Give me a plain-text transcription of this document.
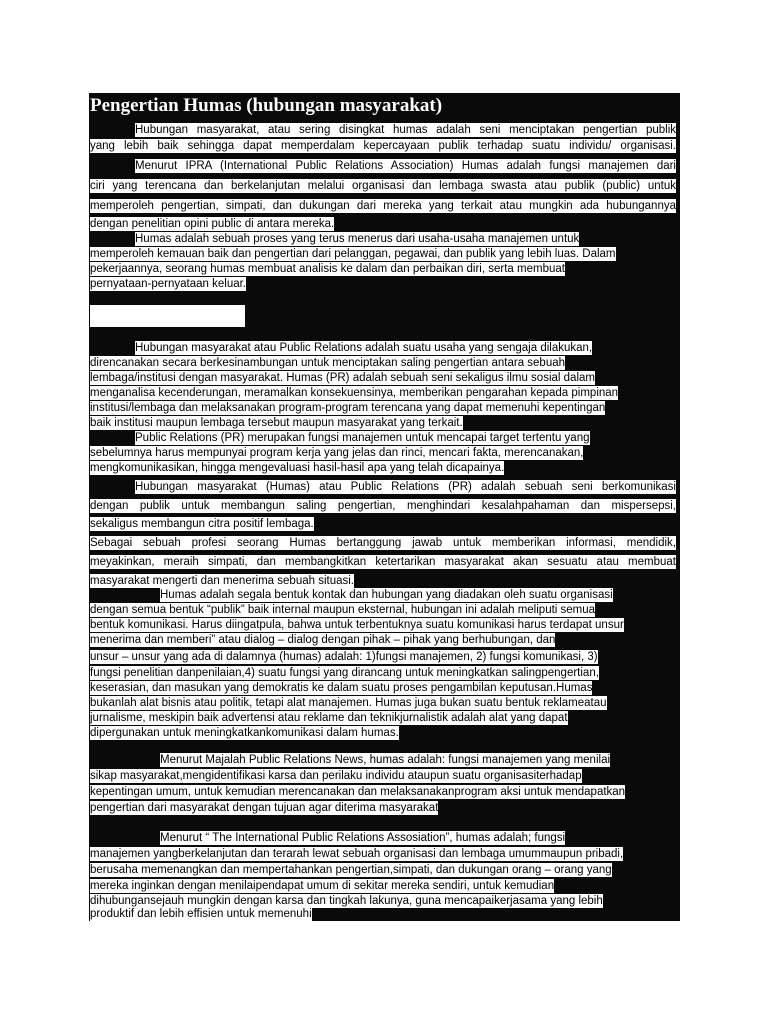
Pengertian Humas (hubungan masyarakat)
Hubungan masyarakat, atau sering disingkat humas adalah seni menciptakan pengertian publik
yang lebih baik sehingga dapat memperdalam kepercayaan publik terhadap suatu individu/ organisasi.
Menurut IPRA (International Public Relations Association) Humas adalah fungsi manajemen dari
ciri yang terencana dan berkelanjutan melalui organisasi dan lembaga swasta atau publik (public) untuk
memperoleh pengertian, simpati, dan dukungan dari mereka yang terkait atau mungkin ada hubungannya
dengan penelitian opini public di antara mereka.
Humas adalah sebuah proses yang terus menerus dari usaha-usaha manajemen untuk
memperoleh kemauan baik dan pengertian dari pelanggan, pegawai, dan publik yang lebih luas. Dalam
pekerjaannya, seorang humas membuat analisis ke dalam dan perbaikan diri, serta membuat
pernyataan-pernyataan keluar.
Hubungan masyarakat atau Public Relations adalah suatu usaha yang sengaja dilakukan,
direncanakan secara berkesinambungan untuk menciptakan saling pengertian antara sebuah
lembaga/institusi dengan masyarakat. Humas (PR) adalah sebuah seni sekaligus ilmu sosial dalam
menganalisa kecenderungan, meramalkan konsekuensinya, memberikan pengarahan kepada pimpinan
institusi/lembaga dan melaksanakan program-program terencana yang dapat memenuhi kepentingan
baik institusi maupun lembaga tersebut maupun masyarakat yang terkait.
Public Relations (PR) merupakan fungsi manajemen untuk mencapai target tertentu yang
sebelumnya harus mempunyai program kerja yang jelas dan rinci, mencari fakta, merencanakan,
mengkomunikasikan, hingga mengevaluasi hasil-hasil apa yang telah dicapainya.
Hubungan masyarakat (Humas) atau Public Relations (PR) adalah sebuah seni berkomunikasi
dengan publik untuk membangun saling pengertian, menghindari kesalahpahaman dan mispersepsi,
sekaligus membangun citra positif lembaga.
Sebagai sebuah profesi seorang Humas bertanggung jawab untuk memberikan informasi, mendidik,
meyakinkan, meraih simpati, dan membangkitkan ketertarikan masyarakat akan sesuatu atau membuat
masyarakat mengerti dan menerima sebuah situasi.
Humas adalah segala bentuk kontak dan hubungan yang diadakan oleh suatu organisasi
dengan semua bentuk “publik” baik internal maupun eksternal, hubungan ini adalah meliputi semua
bentuk komunikasi. Harus diingatpula, bahwa untuk terbentuknya suatu komunikasi harus terdapat unsur
menerima dan memberi” atau dialog – dialog dengan pihak – pihak yang berhubungan, dan
unsur – unsur yang ada di dalamnya (humas) adalah: 1)fungsi manajemen, 2) fungsi komunikasi, 3)
fungsi penelitian danpenilaian,4) suatu fungsi yang dirancang untuk meningkatkan salingpengertian,
keserasian, dan masukan yang demokratis ke dalam suatu proses pengambilan keputusan.Humas
bukanlah alat bisnis atau politik, tetapi alat manajemen. Humas juga bukan suatu bentuk reklameatau
jurnalisme, meskipin baik advertensi atau reklame dan teknikjurnalistik adalah alat yang dapat
dipergunakan untuk meningkatkankomunikasi dalam humas.
Menurut Majalah Public Relations News, humas adalah: fungsi manajemen yang menilai
sikap masyarakat,mengidentifikasi karsa dan perilaku individu ataupun suatu organisasiterhadap
kepentingan umum, untuk kemudian merencanakan dan melaksanakanprogram aksi untuk mendapatkan
pengertian dari masyarakat dengan tujuan agar diterima masyarakat
Menurut “ The International Public Relations Assosiation”, humas adalah; fungsi
manajemen yangberkelanjutan dan terarah lewat sebuah organisasi dan lembaga umummaupun pribadi,
berusaha memenangkan dan mempertahankan pengertian,simpati, dan dukungan orang – orang yang
mereka inginkan dengan menilaipendapat umum di sekitar mereka sendiri, untuk kemudian
dihubungansejauh mungkin dengan karsa dan tingkah lakunya, guna mencapaikerjasama yang lebih
produktif dan lebih effisien untuk memenuhi
